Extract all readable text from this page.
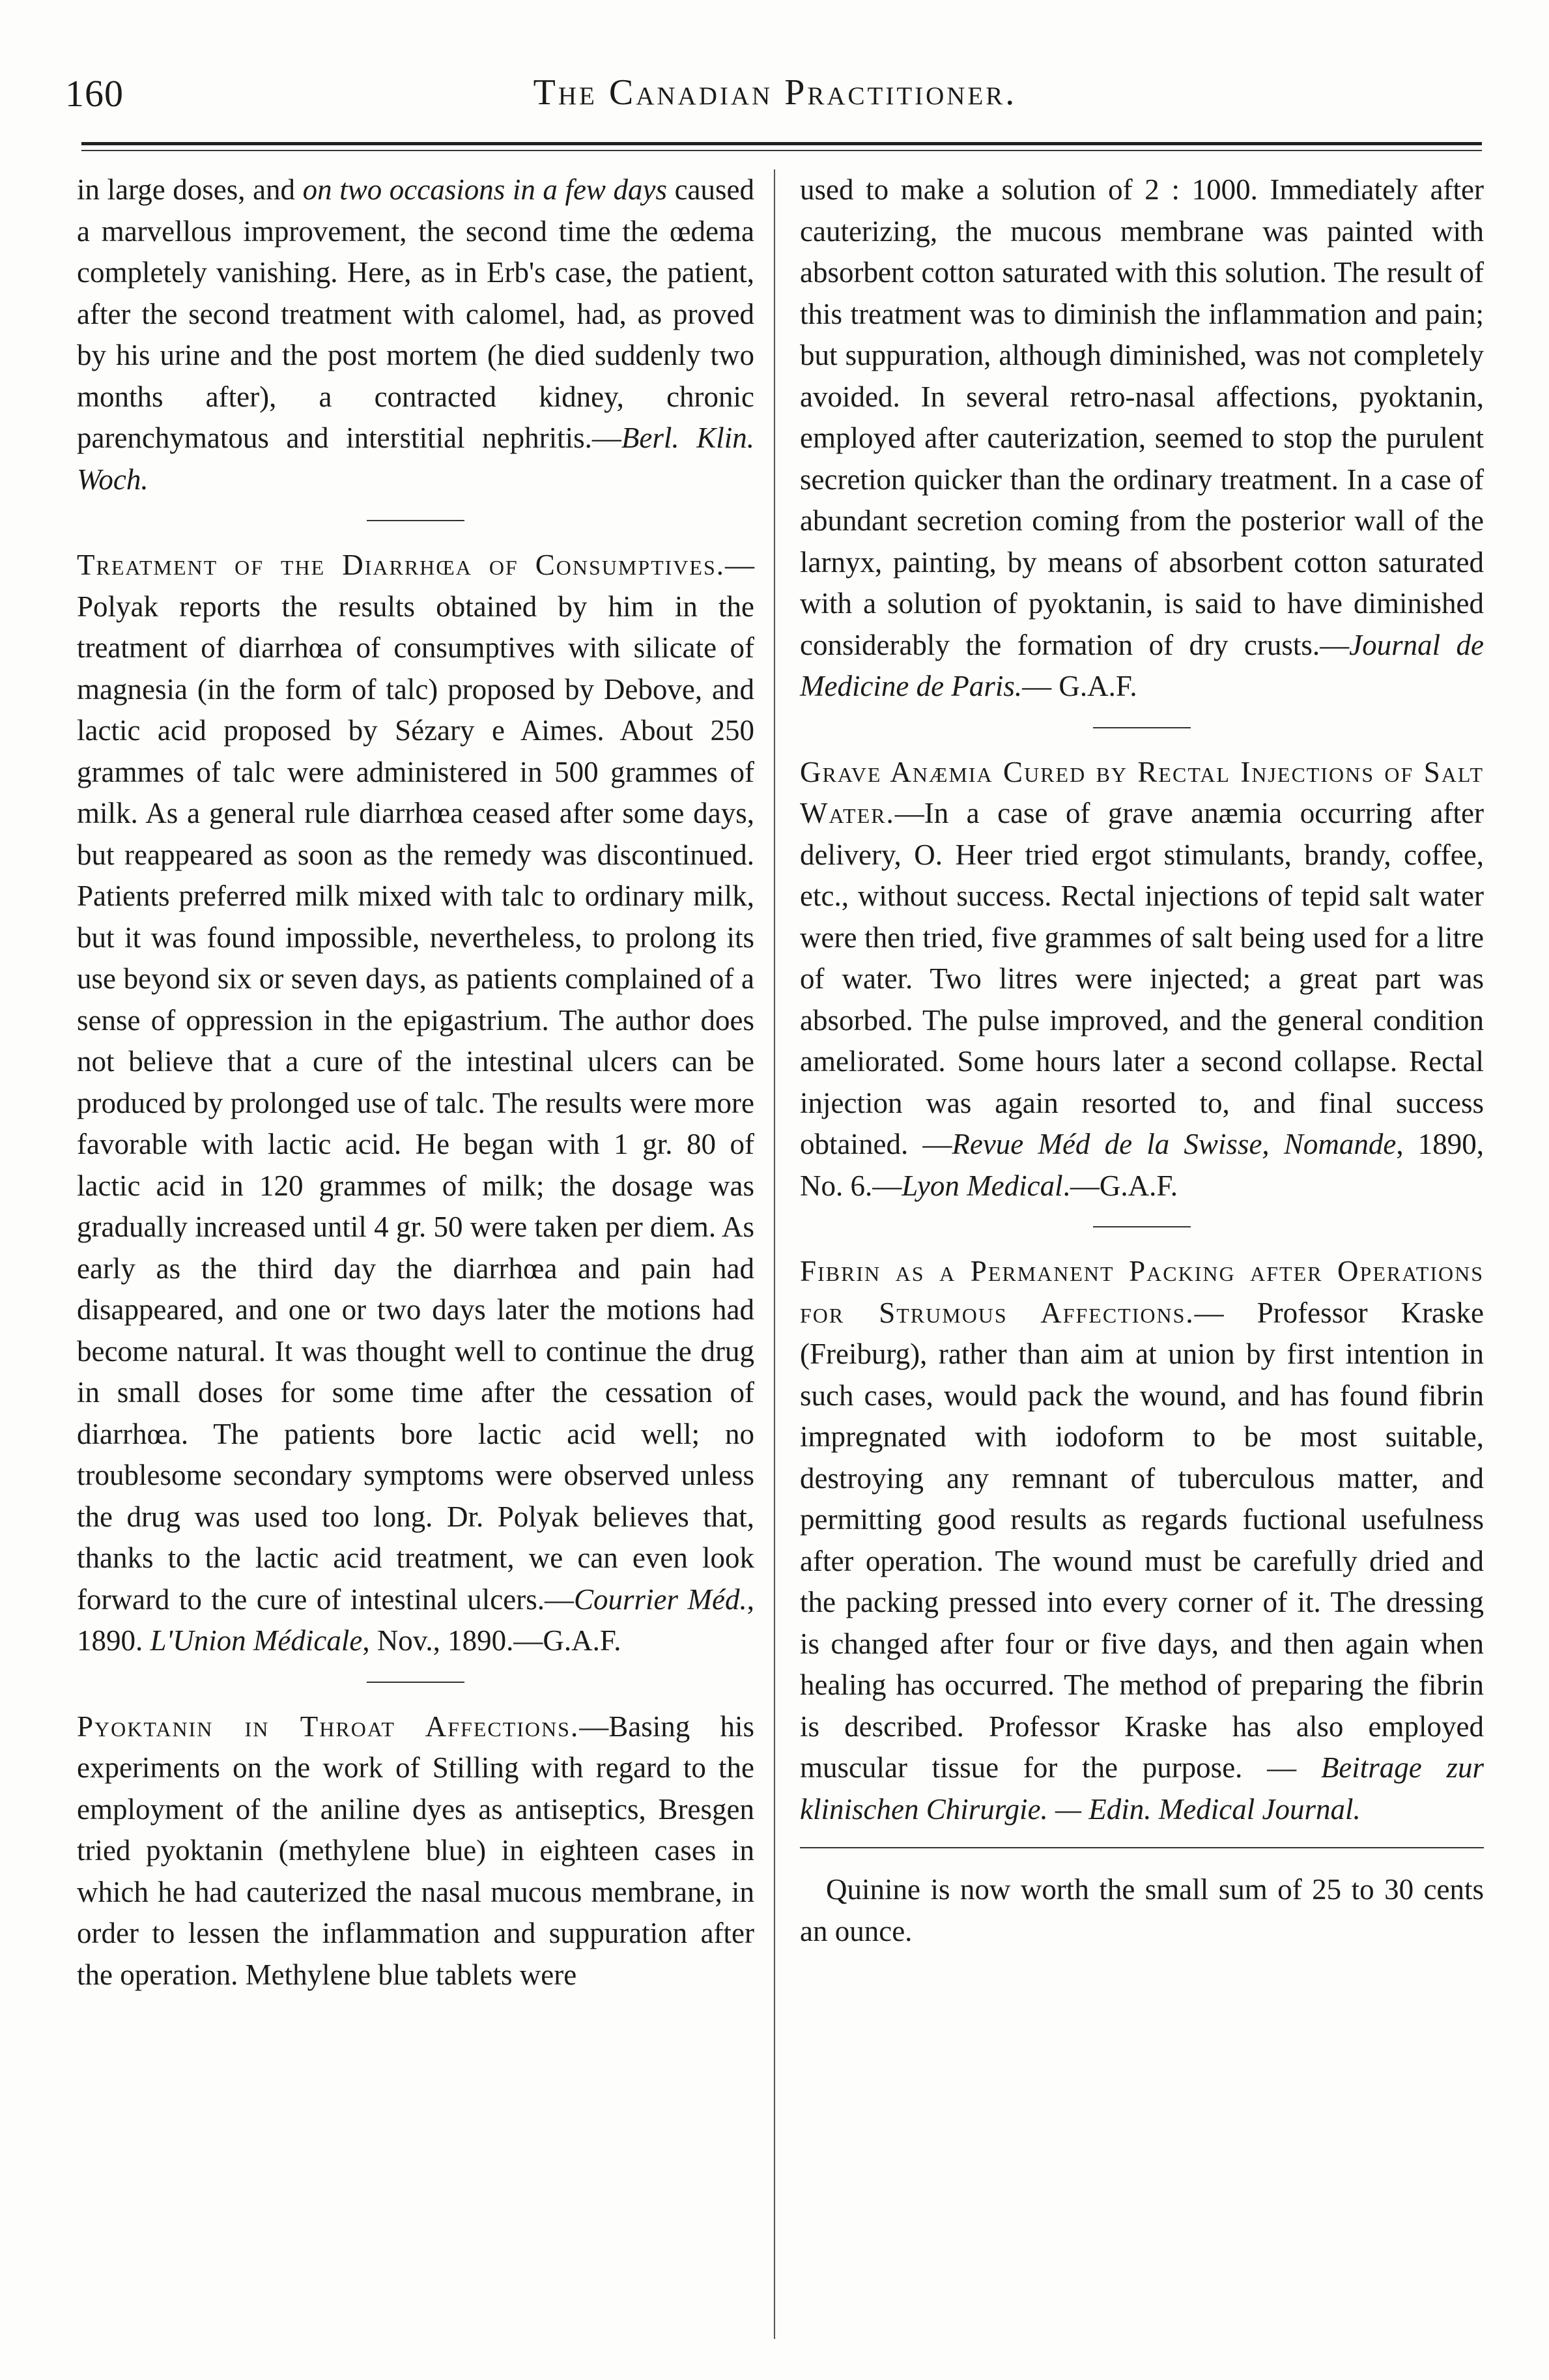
160	The Canadian Practitioner.

in large doses, and on two occasions in a few days caused a marvellous improvement, the second time the œdema completely vanishing. Here, as in Erb's case, the patient, after the second treatment with calomel, had, as proved by his urine and the post mortem (he died suddenly two months after), a contracted kidney, chronic parenchymatous and interstitial nephritis.—Berl. Klin. Woch.

Treatment of the Diarrhœa of Consumptives.—Polyak reports the results obtained by him in the treatment of diarrhœa of consumptives with silicate of magnesia (in the form of talc) proposed by Debove, and lactic acid proposed by Sézary e Aimes. About 250 grammes of talc were administered in 500 grammes of milk. As a general rule diarrhœa ceased after some days, but reappeared as soon as the remedy was discontinued. Patients preferred milk mixed with talc to ordinary milk, but it was found impossible, nevertheless, to prolong its use beyond six or seven days, as patients complained of a sense of oppression in the epigastrium. The author does not believe that a cure of the intestinal ulcers can be produced by prolonged use of talc. The results were more favorable with lactic acid. He began with 1 gr. 80 of lactic acid in 120 grammes of milk; the dosage was gradually increased until 4 gr. 50 were taken per diem. As early as the third day the diarrhœa and pain had disappeared, and one or two days later the motions had become natural. It was thought well to continue the drug in small doses for some time after the cessation of diarrhœa. The patients bore lactic acid well; no troublesome secondary symptoms were observed unless the drug was used too long. Dr. Polyak believes that, thanks to the lactic acid treatment, we can even look forward to the cure of intestinal ulcers.—Courrier Méd., 1890. L'Union Médicale, Nov., 1890.—G.A.F.

Pyoktanin in Throat Affections.—Basing his experiments on the work of Stilling with regard to the employment of the aniline dyes as antiseptics, Bresgen tried pyoktanin (methylene blue) in eighteen cases in which he had cauterized the nasal mucous membrane, in order to lessen the inflammation and suppuration after the operation. Methylene blue tablets were

used to make a solution of 2 : 1000. Immediately after cauterizing, the mucous membrane was painted with absorbent cotton saturated with this solution. The result of this treatment was to diminish the inflammation and pain; but suppuration, although diminished, was not completely avoided. In several retro-nasal affections, pyoktanin, employed after cauterization, seemed to stop the purulent secretion quicker than the ordinary treatment. In a case of abundant secretion coming from the posterior wall of the larnyx, painting, by means of absorbent cotton saturated with a solution of pyoktanin, is said to have diminished considerably the formation of dry crusts.—Journal de Medicine de Paris.— G.A.F.

Grave Anæmia Cured by Rectal Injections of Salt Water.—In a case of grave anæmia occurring after delivery, O. Heer tried ergot stimulants, brandy, coffee, etc., without success. Rectal injections of tepid salt water were then tried, five grammes of salt being used for a litre of water. Two litres were injected; a great part was absorbed. The pulse improved, and the general condition ameliorated. Some hours later a second collapse. Rectal injection was again resorted to, and final success obtained. —Revue Méd de la Swisse, Nomande, 1890, No. 6.—Lyon Medical.—G.A.F.

Fibrin as a Permanent Packing after Operations for Strumous Affections.— Professor Kraske (Freiburg), rather than aim at union by first intention in such cases, would pack the wound, and has found fibrin impregnated with iodoform to be most suitable, destroying any remnant of tuberculous matter, and permitting good results as regards fuctional usefulness after operation. The wound must be carefully dried and the packing pressed into every corner of it. The dressing is changed after four or five days, and then again when healing has occurred. The method of preparing the fibrin is described. Professor Kraske has also employed muscular tissue for the purpose. — Beitrage zur klinischen Chirurgie. — Edin. Medical Journal.

Quinine is now worth the small sum of 25 to 30 cents an ounce.
